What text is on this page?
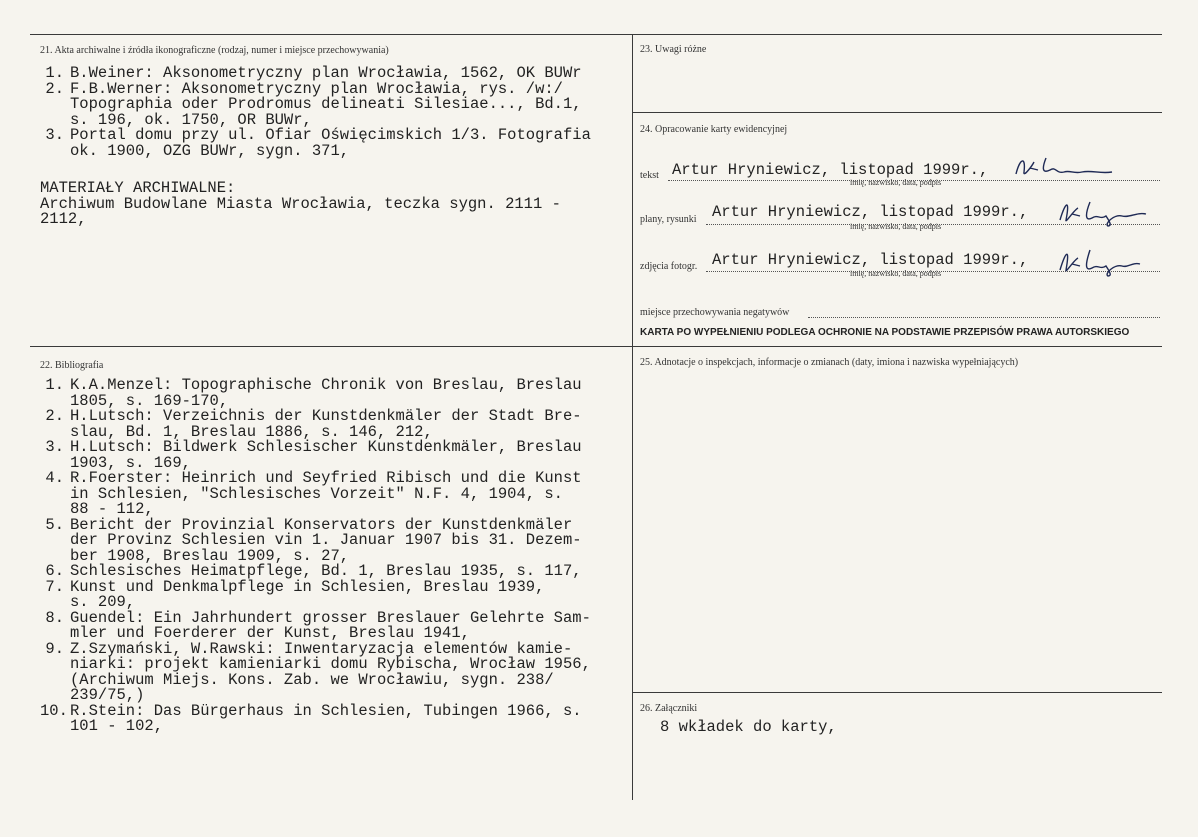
21. Akta archiwalne i źródła ikonograficzne (rodzaj, numer i miejsce przechowywania)
1. B.Weiner: Aksonometryczny plan Wrocławia, 1562, OK BUWr
2. F.B.Werner: Aksonometryczny plan Wrocławia, rys. /w:/
Topographia oder Prodromus delineati Silesiae..., Bd.1,
s. 196, ok. 1750, OR BUWr,
3. Portal domu przy ul. Ofiar Oświęcimskich 1/3. Fotografia
ok. 1900, OZG BUWr, sygn. 371,
MATERIAŁY ARCHIWALNE:
Archiwum Budowlane Miasta Wrocławia, teczka sygn. 2111 -
2112,
22. Bibliografia
1. K.A.Menzel: Topographische Chronik von Breslau, Breslau
1805, s. 169-170,
2. H.Lutsch: Verzeichnis der Kunstdenkmäler der Stadt Bre-
slau, Bd. 1, Breslau 1886, s. 146, 212,
3. H.Lutsch: Bildwerk Schlesischer Kunstdenkmäler, Breslau
1903, s. 169,
4. R.Foerster: Heinrich und Seyfried Ribisch und die Kunst
in Schlesien, "Schlesisches Vorzeit" N.F. 4, 1904, s.
88 - 112,
5. Bericht der Provinzial Konservators der Kunstdenkmäler
der Provinz Schlesien vin 1. Januar 1907 bis 31. Dezem-
ber 1908, Breslau 1909, s. 27,
6. Schlesisches Heimatpflege, Bd. 1, Breslau 1935, s. 117,
7. Kunst und Denkmalpflege in Schlesien, Breslau 1939,
s. 209,
8. Guendel: Ein Jahrhundert grosser Breslauer Gelehrte Sam-
mler und Foerderer der Kunst, Breslau 1941,
9. Z.Szymański, W.Rawski: Inwentaryzacja elementów kamie-
niarki: projekt kamieniarki domu Rybischa, Wrocław 1956,
(Archiwum Miejs. Kons. Zab. we Wrocławiu, sygn. 238/
239/75,)
10. R.Stein: Das Bürgerhaus in Schlesien, Tubingen 1966, s.
101 - 102,
23. Uwagi różne
24. Opracowanie karty ewidencyjnej
tekst Artur Hryniewicz, listopad 1999r.,
imię, nazwisko, data, podpis
plany, rysunki Artur Hryniewicz, listopad 1999r.,
imię, nazwisko, data, podpis
zdjęcia fotogr. Artur Hryniewicz, listopad 1999r.,
imię, nazwisko, data, podpis
miejsce przechowywania negatywów
KARTA PO WYPEŁNIENIU PODLEGA OCHRONIE NA PODSTAWIE PRZEPISÓW PRAWA AUTORSKIEGO
25. Adnotacje o inspekcjach, informacje o zmianach (daty, imiona i nazwiska wypełniających)
26. Załączniki
8 wkładek do karty,
